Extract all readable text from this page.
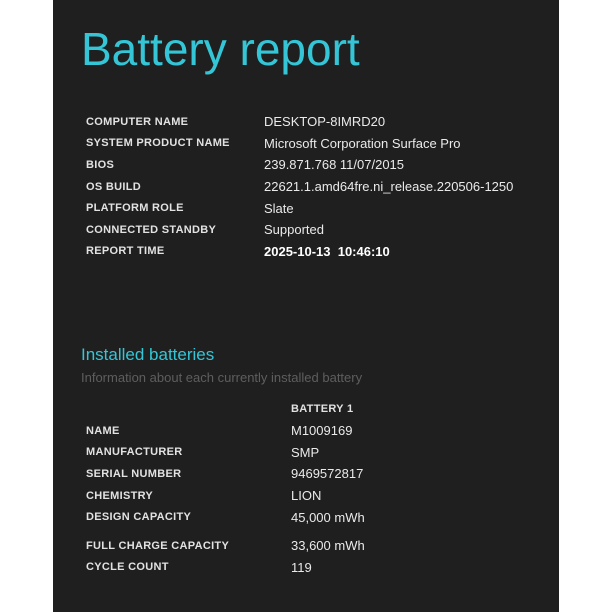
Battery report
COMPUTER NAME	DESKTOP-8IMRD20
SYSTEM PRODUCT NAME	Microsoft Corporation Surface Pro
BIOS	239.871.768 11/07/2015
OS BUILD	22621.1.amd64fre.ni_release.220506-1250
PLATFORM ROLE	Slate
CONNECTED STANDBY	Supported
REPORT TIME	2025-10-13  10:46:10
Installed batteries

Information about each currently installed battery

	BATTERY 1
NAME	M1009169
MANUFACTURER	SMP
SERIAL NUMBER	9469572817
CHEMISTRY	LION
DESIGN CAPACITY	45,000 mWh

FULL CHARGE CAPACITY	33,600 mWh
CYCLE COUNT	119
